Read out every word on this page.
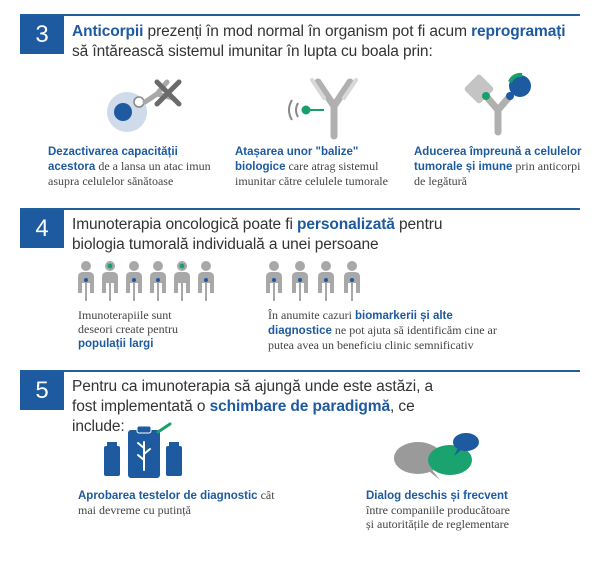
3	Anticorpii prezenți în mod normal în organism pot fi acum reprogramați să întărească sistemul imunitar în lupta cu boala prin:
Dezactivarea capacității acestora de a lansa un atac imun asupra celulelor sănătoase
Atașarea unor "balize" biologice care atrag sistemul imunitar către celulele tumorale
Aducerea împreună a celulelor tumorale și imune prin anticorpi de legătură
4	Imunoterapia oncologică poate fi personalizată pentru biologia tumorală individuală a unei persoane
Imunoterapiile sunt deseori create pentru populații largi
În anumite cazuri biomarkerii și alte diagnostice ne pot ajuta să identificăm cine ar putea avea un beneficiu clinic semnificativ
5	Pentru ca imunoterapia să ajungă unde este astăzi, a fost implementată o schimbare de paradigmă, ce include:
Aprobarea testelor de diagnostic cât mai devreme cu putință
Dialog deschis și frecvent între companiile producătoare și autoritățile de reglementare
